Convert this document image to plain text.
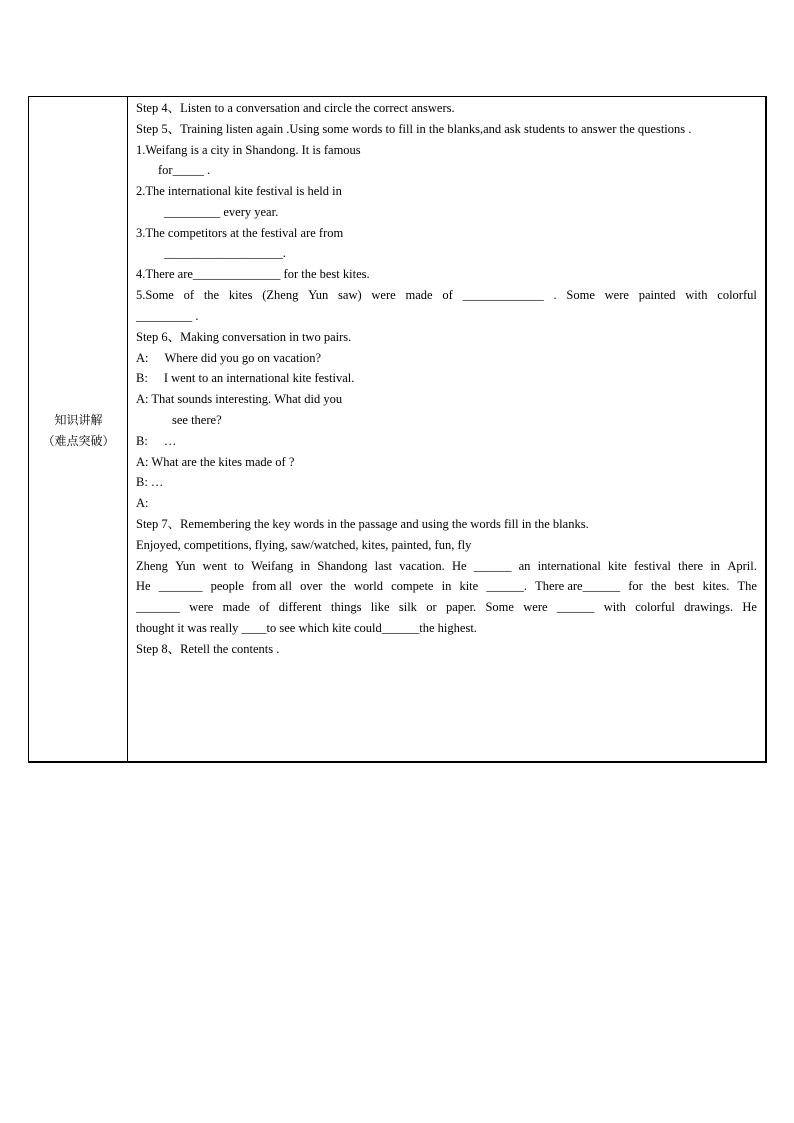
知识讲解
（难点突破）
Step 4、Listen to a conversation and circle the correct answers.
Step 5、Training listen again .Using some words to fill in the blanks,and ask students to answer the questions .
1.Weifang is a city in Shandong. It is famous
for_____ .
2.The international kite festival is held in
_________ every year.
3.The competitors at the festival are from
___________________.
4.There are______________ for the best kites.
5.Some of the kites (Zheng Yun saw) were made of _____________ . Some were painted with colorful
_________ .
Step 6、Making conversation in two pairs.
A: Where did you go on vacation?
B: I went to an international kite festival.
A: That sounds interesting. What did you
see there?
B: …
A: What are the kites made of ?
B: …
A:
Step 7、Remembering the key words in the passage and using the words fill in the blanks.
Enjoyed, competitions, flying, saw/watched, kites, painted, fun, fly
Zheng Yun went to Weifang in Shandong last vacation. He ______ an international kite festival there in April.
He _______ people from all over the world compete in kite ______. There are______ for the best kites. The
_______ were made of different things like silk or paper. Some were ______ with colorful drawings. He
thought it was really ____to see which kite could______the highest.
Step 8、Retell the contents .
